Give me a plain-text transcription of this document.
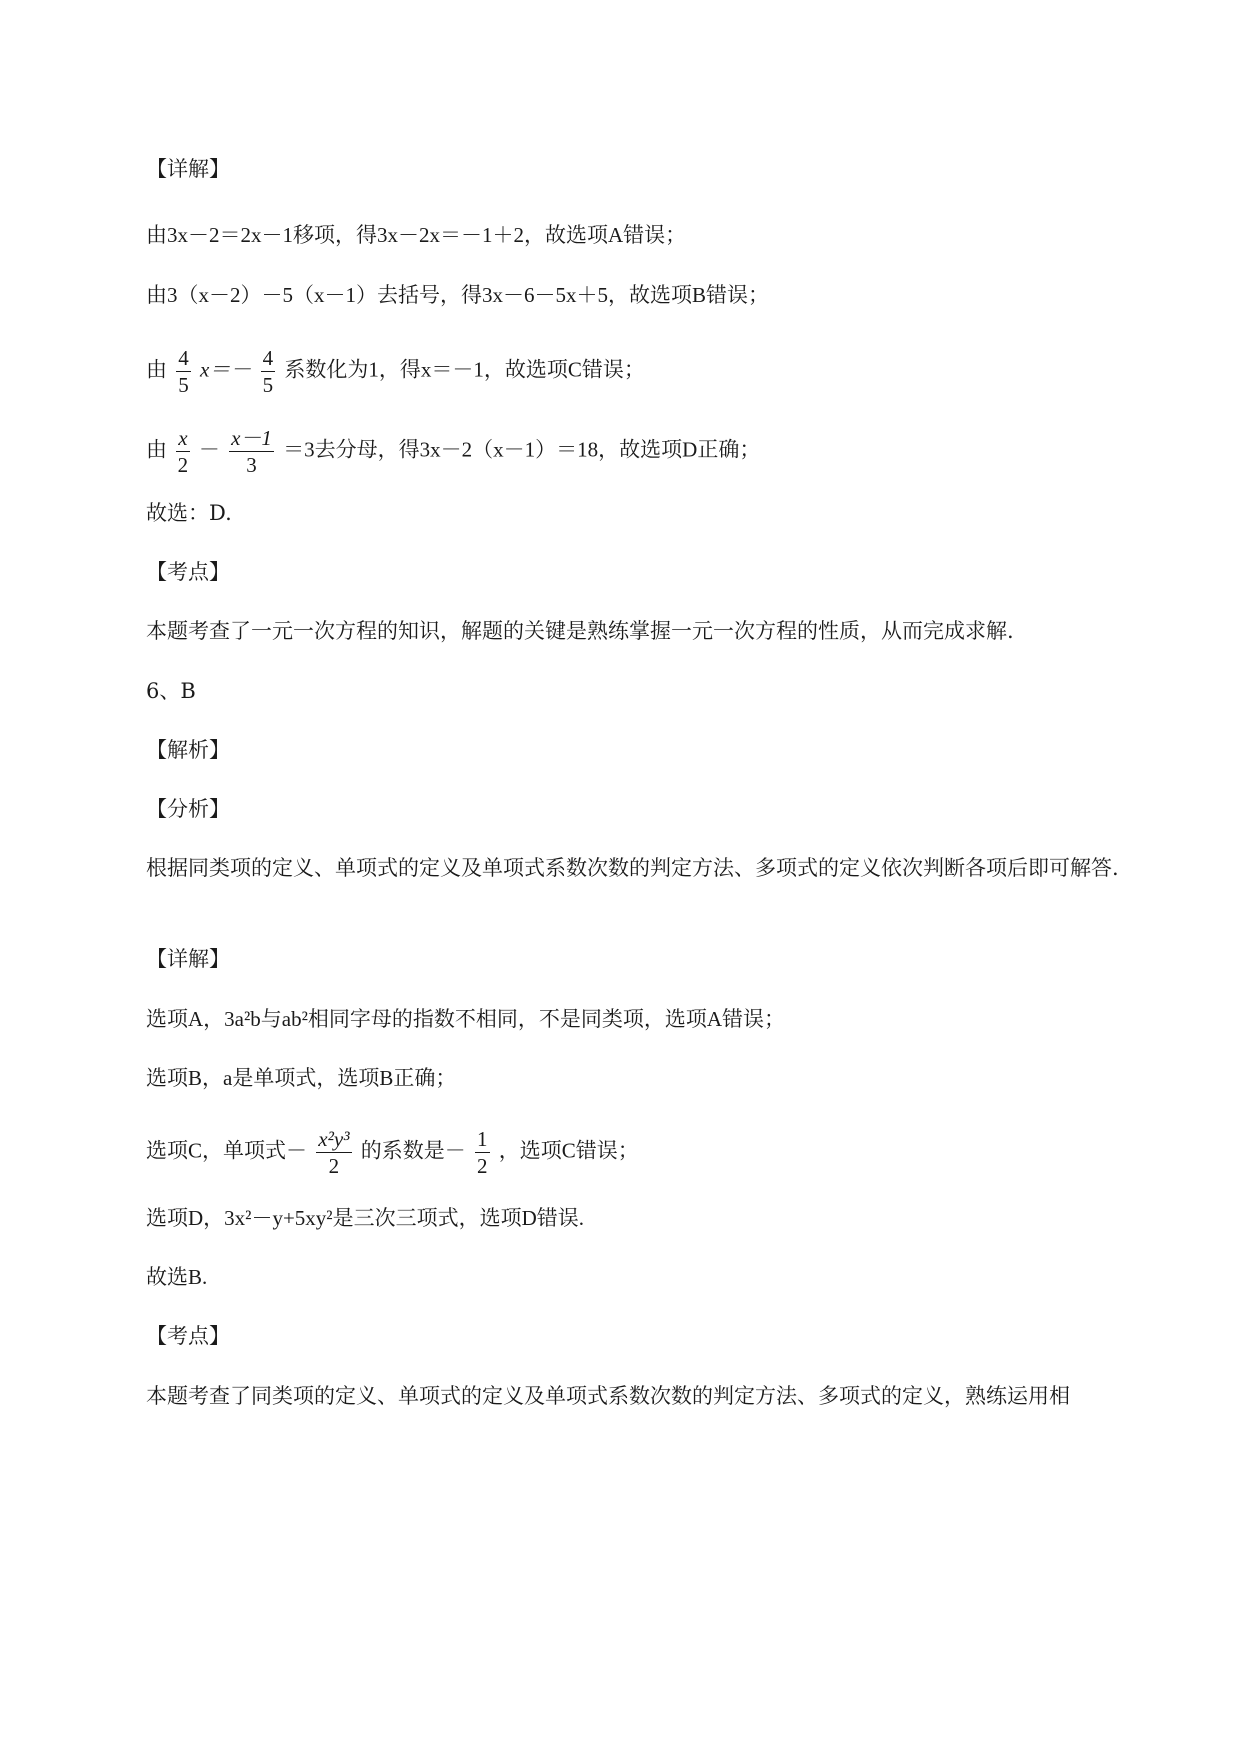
【详解】
由3x－2＝2x－1移项，得3x－2x＝－1＋2，故选项A错误；
由3（x－2）－5（x－1）去括号，得3x－6－5x＋5，故选项B错误；
由 $\frac{4}{5} x=- \frac{4}{5}$ 系数化为1，得x＝－1，故选项C错误；
由 $\frac{x}{2} - \frac{x-1}{3} =3$去分母，得3x－2（x－1）＝18，故选项D正确；
故选：D.
【考点】
本题考查了一元一次方程的知识，解题的关键是熟练掌握一元一次方程的性质，从而完成求解.
6、B
【解析】
【分析】
根据同类项的定义、单项式的定义及单项式系数次数的判定方法、多项式的定义依次判断各项后即可解答.
【详解】
选项A，3a²b与ab²相同字母的指数不相同，不是同类项，选项A错误；
选项B，a是单项式，选项B正确；
选项C，单项式－ $\frac{\text{x²y³}}{2}$ 的系数是－ $\frac{1}{2}$ ，选项C错误；
选项D，3x²－y+5xy²是三次三项式，选项D错误.
故选B.
【考点】
本题考查了同类项的定义、单项式的定义及单项式系数次数的判定方法、多项式的定义，熟练运用相
